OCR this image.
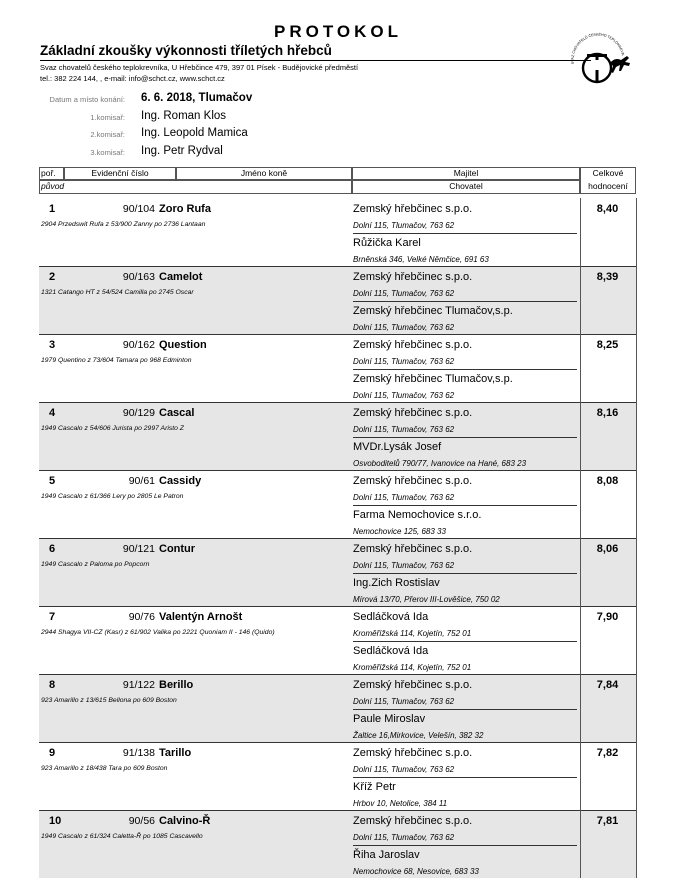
PROTOKOL
Základní zkoušky výkonnosti tříletých hřebců
Svaz chovatelů českého teplokrevníka, U Hřebčince 479, 397 01 Písek - Budějovické předměstí
tel.: 382 224 144, , e-mail: info@schct.cz, www.schct.cz
SVAZ CHOVATELŮ ČESKÉHO TEPLOKREVN
Datum a místo konání: 6. 6. 2018, Tlumačov
1.komisař: Ing. Roman Klos
2.komisař: Ing. Leopold Mamica
3.komisař: Ing. Petr Rydval
poř.	Evidenční číslo	Jméno koně
původ
Majitel
Chovatel
Celkové
hodnocení
1	90/104 Zoro Rufa
2904 Przedswit Rufa z 53/900 Zanny po 2736 Lantaan
Zemský hřebčinec s.p.o.
Dolní 115, Tlumačov, 763 62
Růžička Karel
Brněnská 346, Velké Němčice, 691 63
8,40
2	90/163 Camelot
1321 Catango HT z 54/524 Camilla po 2745 Oscar
Zemský hřebčinec s.p.o.
Dolní 115, Tlumačov, 763 62
Zemský hřebčinec Tlumačov,s.p.
Dolní 115, Tlumačov, 763 62
8,39
3	90/162 Question
1979 Quentino z 73/604 Tamara po 968 Edminton
Zemský hřebčinec s.p.o.
Dolní 115, Tlumačov, 763 62
Zemský hřebčinec Tlumačov,s.p.
Dolní 115, Tlumačov, 763 62
8,25
4	90/129 Cascal
1949 Cascalo z 54/606 Jurista po 2997 Aristo Z
Zemský hřebčinec s.p.o.
Dolní 115, Tlumačov, 763 62
MVDr.Lysák Josef
Osvoboditelů 790/77, Ivanovice na Hané, 683 23
8,16
5	90/61 Cassidy
1949 Cascalo z 61/366 Lery po 2805 Le Patron
Zemský hřebčinec s.p.o.
Dolní 115, Tlumačov, 763 62
Farma Nemochovice s.r.o.
Nemochovice 125, 683 33
8,08
6	90/121 Contur
1949 Cascalo z Paloma po Popcorn
Zemský hřebčinec s.p.o.
Dolní 115, Tlumačov, 763 62
Ing.Zich Rostislav
Mírová 13/70, Přerov III-Lověšice, 750 02
8,06
7	90/76 Valentýn Arnošt
2944 Shagya VII-CZ (Kasr) z 61/902 Valika po 2221 Quoniam II - 146 (Quido)
Sedláčková Ida
Kroměřížská 114, Kojetín, 752 01
Sedláčková Ida
Kroměřížská 114, Kojetín, 752 01
7,90
8	91/122 Berillo
923 Amarillo z 13/615 Bellona po 609 Boston
Zemský hřebčinec s.p.o.
Dolní 115, Tlumačov, 763 62
Paule Miroslav
Žaltice 16,Mirkovice, Velešín, 382 32
7,84
9	91/138 Tarillo
923 Amarillo z 18/438 Tara po 609 Boston
Zemský hřebčinec s.p.o.
Dolní 115, Tlumačov, 763 62
Kříž Petr
Hrbov 10, Netolice, 384 11
7,82
10	90/56 Calvino-Ř
1949 Cascalo z 61/324 Caletta-Ř po 1085 Cascavello
Zemský hřebčinec s.p.o.
Dolní 115, Tlumačov, 763 62
Řiha Jaroslav
Nemochovice 68, Nesovice, 683 33
7,81
